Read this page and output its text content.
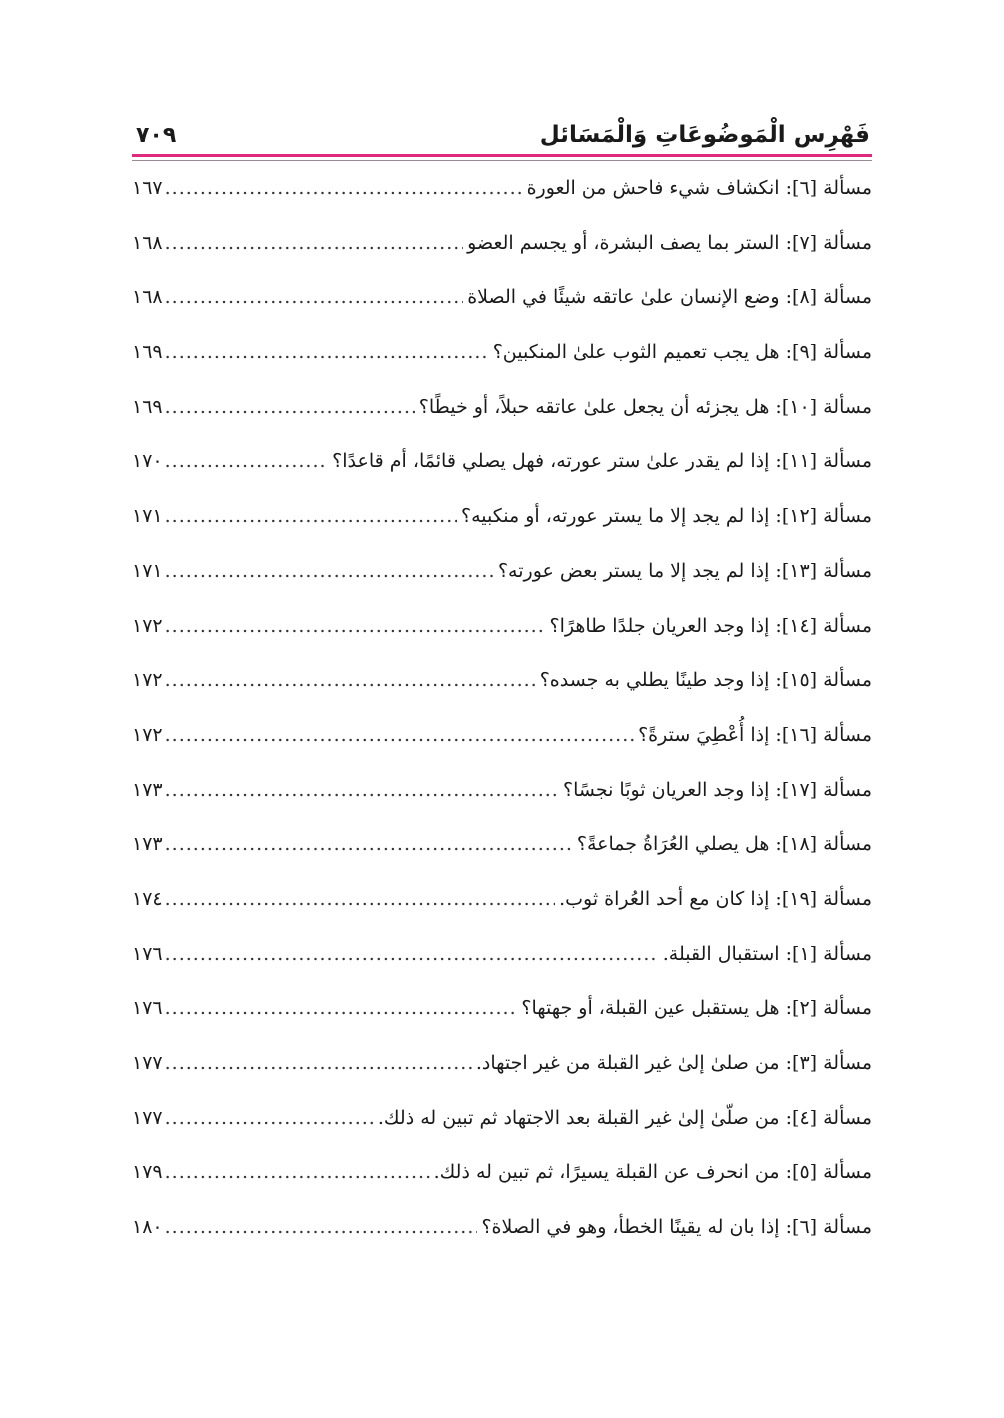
فَهْرِس الْمَوضُوعَاتِ وَالْمَسَائل
٧٠٩
مسألة [٦]: انكشاف شيء فاحش من العورة
.....
١٦٧
مسألة [٧]: الستر بما يصف البشرة، أو يجسم العضو
.....
١٦٨
مسألة [٨]: وضع الإنسان علىٰ عاتقه شيئًا في الصلاة
.....
١٦٨
مسألة [٩]: هل يجب تعميم الثوب علىٰ المنكبين؟
.....
١٦٩
مسألة [١٠]: هل يجزئه أن يجعل علىٰ عاتقه حبلاً، أو خيطًا؟
.....
١٦٩
مسألة [١١]: إذا لم يقدر علىٰ ستر عورته، فهل يصلي قائمًا، أم قاعدًا؟
.....
١٧٠
مسألة [١٢]: إذا لم يجد إلا ما يستر عورته، أو منكبيه؟
.....
١٧١
مسألة [١٣]: إذا لم يجد إلا ما يستر بعض عورته؟
.....
١٧١
مسألة [١٤]: إذا وجد العريان جلدًا طاهرًا؟
.....
١٧٢
مسألة [١٥]: إذا وجد طينًا يطلي به جسده؟
.....
١٧٢
مسألة [١٦]: إذا أُعْطِيَ سترةً؟
.....
١٧٢
مسألة [١٧]: إذا وجد العريان ثوبًا نجسًا؟
.....
١٧٣
مسألة [١٨]: هل يصلي العُرَاةُ جماعةً؟
.....
١٧٣
مسألة [١٩]: إذا كان مع أحد العُراة ثوب.
.....
١٧٤
مسألة [١]: استقبال القبلة.
.....
١٧٦
مسألة [٢]: هل يستقبل عين القبلة، أو جهتها؟
.....
١٧٦
مسألة [٣]: من صلىٰ إلىٰ غير القبلة من غير اجتهاد.
.....
١٧٧
مسألة [٤]: من صلّىٰ إلىٰ غير القبلة بعد الاجتهاد ثم تبين له ذلك.
.....
١٧٧
مسألة [٥]: من انحرف عن القبلة يسيرًا، ثم تبين له ذلك.
.....
١٧٩
مسألة [٦]: إذا بان له يقينًا الخطأ، وهو في الصلاة؟
.....
١٨٠
